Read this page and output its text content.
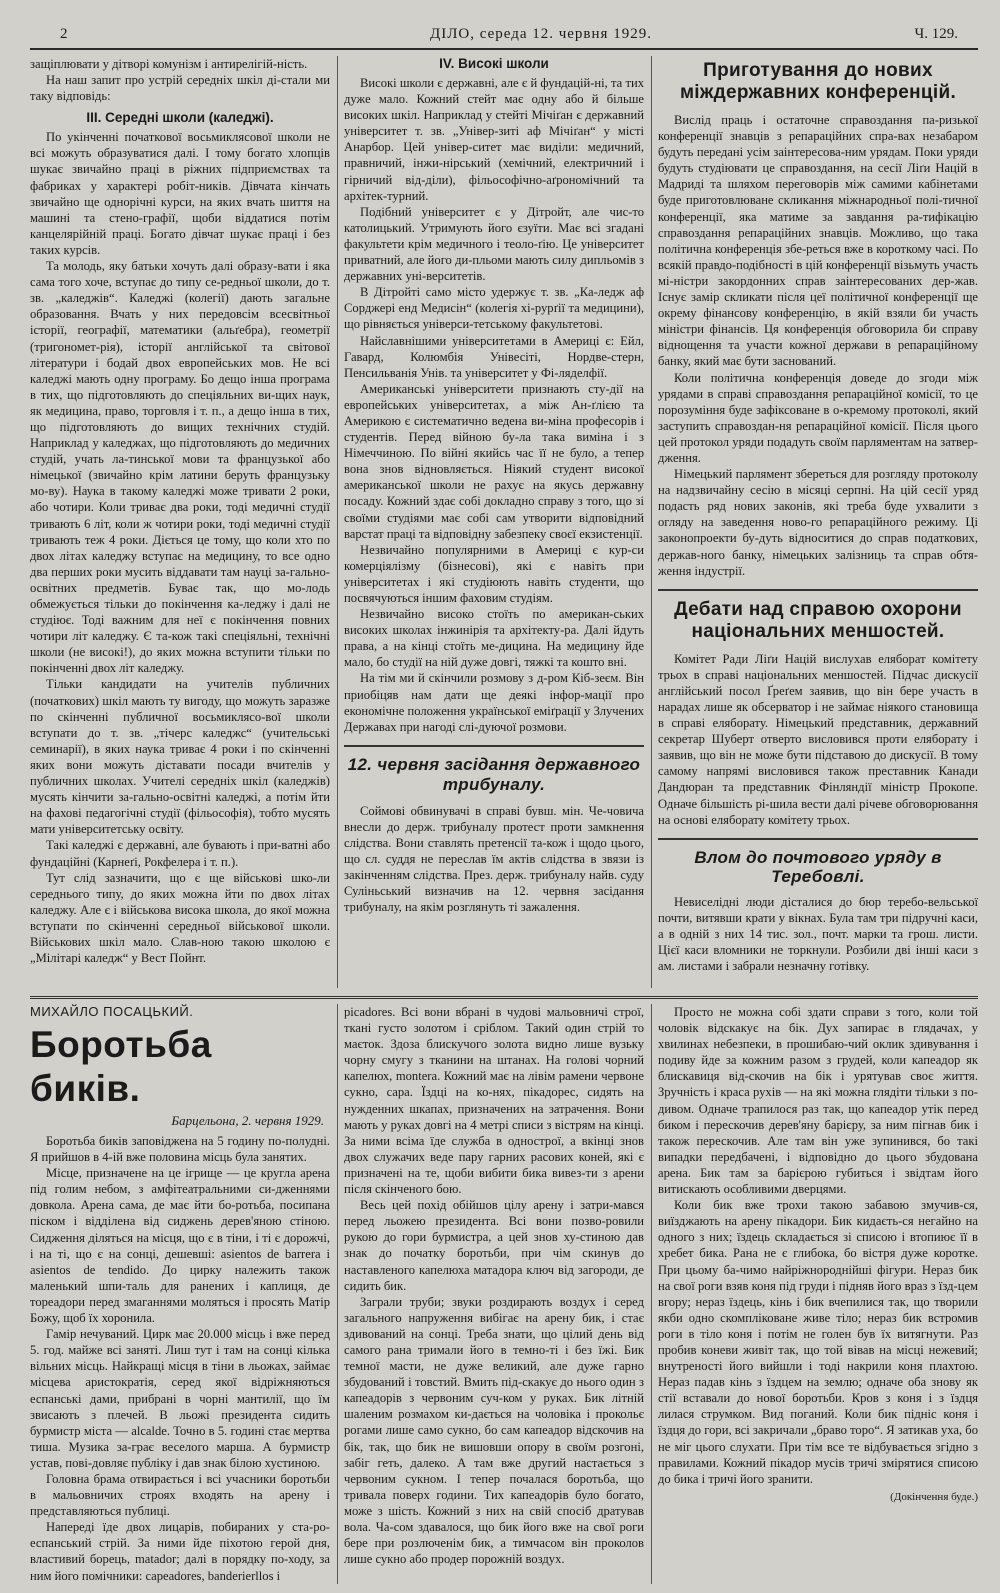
2	ДІЛО, середа 12. червня 1929.	Ч. 129.

защіплювати у дітворі комунізм і антирелігій-ність.

На наш запит про устрій середніх шкіл ді-стали ми таку відповідь:

III. Середні школи (каледжі).

По укінченні початкової восьмиклясової школи не всі можуть образуватися далі. І тому богато хлопців шукає звичайно праці в ріжних підприємствах та фабриках у характері робіт-ників. Дівчата кінчать звичайно ще однорічні курси, на яких вчать шиття на машині та стено-графії, щоби віддатися потім канцелярійній праці. Богато дівчат шукає праці і без таких курсів.

Та молодь, яку батьки хочуть далі образу-вати і яка сама того хоче, вступає до типу се-редньої школи, до т. зв. „каледжів“. Каледжі (колегії) дають загальне образовання. Вчать у них передовсім всесвітньої історії, географії, математики (альґебра), геометрії (тригономет-рія), історії англійської та світової літератури і бодай двох европейських мов. Не всі каледжі мають одну програму. Бо дещо інша програма в тих, що підготовляють до спеціяльних ви-щих наук, як медицина, право, торговля і т. п., а дещо інша в тих, що підготовляють до вищих технічних студій. Наприклад у каледжах, що підготовляють до медичних студій, учать ла-тинської мови та французької або німецької (звичайно крім латини беруть французьку мо-ву). Наука в такому каледжі може тривати 2 роки, або чотири. Коли триває два роки, тоді медичні студії тривають 6 літ, коли ж чотири роки, тоді медичні студії тривають теж 4 роки. Діється це тому, що коли хто по двох літах каледжу вступає на медицину, то все одно два перших роки мусить віддавати там науці за-гально-освітних предметів. Буває так, що мо-лодь обмежується тільки до покінчення ка-леджу і далі не студіює. Тоді важним для неї є покінчення повних чотири літ каледжу. Є та-кож такі спеціяльні, технічні школи (не високі!), до яких можна вступити тільки по покінченні двох літ каледжу.

Тільки кандидати на учителів публичних (початкових) шкіл мають ту вигоду, що можуть заразже по скінченні публичної восьмиклясо-вої школи вступати до т. зв. „тічерс каледжс“ (учительські семинарії), в яких наука триває 4 роки і по скінченні яких вони можуть діставати посади вчителів у публичних школах. Учителі середніх шкіл (каледжів) мусять кінчити за-гально-освітні каледжі, а потім йти на фахові педагогічні студії (фільософія), тобто мусять мати університетську освіту.

Такі каледжі є державні, але бувають і при-ватні або фундаційні (Карнеґі, Рокфелера і т. п.).

Тут слід зазначити, що є ще військові шко-ли середнього типу, до яких можна йти по двох літах каледжу. Але є і військова висока школа, до якої можна вступати по скінченні середньої військової школи. Військових шкіл мало. Слав-ною такою школою є „Мілітарі каледж“ у Вест Пойнт.

IV. Високі школи

Високі школи є державні, але є й фундацій-ні, та тих дуже мало. Кожний стейт має одну або й більше високих шкіл. Наприклад у стейті Мічіґан є державний університет т. зв. „Універ-зиті аф Мічіґан“ у місті Анарбор. Цей універ-ситет має виділи: медичний, правничий, інжи-нірський (хемічний, електричний і гірничий від-діли), фільософічно-аґрономічний та архітек-турний.

Подібний університет є у Дітройт, але чис-то католицький. Утримують його єзуїти. Має всі згадані факультети крім медичного і теоло-ґію. Це університет приватний, але його ди-пльоми мають силу дипльомів з державних уні-верситетів.

В Дітройті само місто удержує т. зв. „Ка-ледж аф Сорджері енд Медисін“ (колегія хі-рурґії та медицини), що рівняється універси-тетському факультетові.

Найславнішими університетами в Америці є: Ейл, Гавард, Колюмбія Унівесіті, Нордве-стерн, Пенсильванія Унів. та університет у Фі-ляделфії.

Американські університети признають сту-дії на европейських університетах, а між Ан-ґлією та Америкою є систематично ведена ви-міна професорів і студентів. Перед війною бу-ла така виміна і з Німеччиною. По війні якийсь час її не було, а тепер вона знов відновляється. Ніякий студент високої американської школи не рахує на якусь державну посаду. Кожний здає собі докладно справу з того, що зі своїми студіями має собі сам утворити відповідний варстат праці та відповідну забезпеку своєї екзистенції.

Незвичайно популярними в Америці є кур-си комерціялізму (бізнесові), які є навіть при університетах і які студіюють навіть студенти, що посвячуються іншим фаховим студіям.

Незвичайно високо стоїть по американ-ських високих школах інжинірія та архітекту-ра. Далі йдуть права, а на кінці стоїть ме-дицина. На медицину йде мало, бо студії на ній дуже довгі, тяжкі та кошто вні.

На тім ми й скінчили розмову з д-ром Кіб-зеєм. Він приобіцяв нам дати ще деякі інфор-мації про економічне положення української еміґрації у Злучених Державах при нагоді слі-дуючої розмови.

12. червня засідання державного трибуналу.

Соймові обвинувачі в справі бувш. мін. Че-човича внесли до держ. трибуналу протест проти замкнення слідства. Вони ставлять претенсії та-кож і щодо цього, що сл. суддя не переслав їм актів слідства в звязи із закінченням слідства. През. держ. трибуналу найв. суду Суліньський визначив на 12. червня засідання трибуналу, на якім розглянуть ті зажалення.

Приготування до нових міждержавних конференцій.

Вислід праць і остаточне справоздання па-ризької конференції знавців з репараційних спра-вах незабаром будуть передані усім заінтересова-ним урядам. Поки уряди будуть студіювати це справоздання, на сесії Ліґи Націй в Мадриді та шляхом переговорів між самими кабінетами буде приготовлюване скликання міжнародньої полі-тичної конференції, яка матиме за завдання ра-тифікацію справоздання репараційних знавців. Можливо, що така політична конференція збе-реться вже в короткому часі. По всякій правдо-подібності в цій конференції візьмуть участь мі-ністри закордонних справ заінтересованих дер-жав. Існує замір скликати після цеї політичної конференції ще окрему фінансову конференцію, в якій взяли би участь міністри фінансів. Ця конференція обговорила би справу віднощення та участи кожної держави в репараційному банку, який має бути заснований.

Коли політична конференція доведе до згоди між урядами в справі справоздання репараційної комісії, то це порозуміння буде зафіксоване в о-кремому протоколі, який заступить справоздан-ня репараційної комісії. Після цього цей протокол уряди подадуть своїм парляментам на затвер-дження.

Німецький парлямент збереться для розгляду протоколу на надзвичайну сесію в місяці серпні. На цій сесії уряд подасть ряд нових законів, які треба буде ухвалити з огляду на заведення ново-го репараційного режиму. Ці законопроекти бу-дуть відноситися до справ податкових, держав-ного банку, німецьких залізниць та справ обтя-ження індустрії.

Дебати над справою охорони національних меншостей.

Комітет Ради Ліґи Націй вислухав еляборат комітету трьох в справі національних меншостей. Підчас дискусії англійський посол Ґреґем заявив, що він бере участь в нарадах лише як обсерватор і не займає ніякого становища в справі еляборату. Німецький представник, державний секретар Шуберт отверто висловився проти еляборату і заявив, що він не може бути підставою до дискусії. В тому самому напрямі висловився також преставник Канади Дандюран та представник Фінляндії міністр Прокопе. Одначе більшість рі-шила вести далі річеве обговорювання на основі еляборату комітету трьох.

Влом до почтового уряду в Теребовлі.

Невиселідні люди дісталися до бюр теребо-вельської почти, витявши крати у вікнах. Була там три підручні каси, а в одній з них 14 тис. зол., почт. марки та грош. листи. Цієї каси вломники не торкнули. Розбили дві інші каси з ам. листами і забрали незначну готівку.

МИХАЙЛО ПОСАЦЬКИЙ.
Боротьба биків.
Барцельона, 2. червня 1929.

Боротьба биків заповіджена на 5 годину по-полудні. Я прийшов в 4-ій вже половина місць була занятих.

Місце, призначене на це ігрище — це кругла арена під голим небом, з амфітеатральними си-дженнями довкола. Арена сама, де має йти бо-ротьба, посипана піском і відділена від сиджень дерев'яною стіною. Сидження діляться на місця, що є в тіни, і ті є дорожчі, і на ті, що є на сонці, дешевші: asientos de barrera і asientos de tendido. До цирку належить також маленький шпи-таль для ранених і каплиця, де тореадори перед змаганнями моляться і просять Матір Божу, щоб їх хоронила.

Гамір нечуваний. Цирк має 20.000 місць і вже перед 5. год. майже всі заняті. Лиш тут і там на сонці кілька вільних місць. Найкращі місця в тіни в льожах, займає місцева аристократія, серед якої відріжняються еспанські дами, прибрані в чорні мантилії, що їм звисають з плечей. В льожі президента сидить бурмистр міста — alcalde. Точно в 5. годині стає мертва тиша. Музика за-грає веселого марша. А бурмистр устав, пові-довляє публіку і дав знак білою хустиною.

Головна брама отвирається і всі учасники боротьби в мальовничих строях входять на арену і представляються публиці.

Напереді їде двох лицарів, побираних у ста-ро-еспанський стрій. За ними йде піхотою герой дня, властивий борець, matador; далі в порядку по-ходу, за ним його помічники: capeadores, banderierllos і

picadores. Всі вони вбрані в чудові мальовничі строї, ткані густо золотом і сріблом. Такий один стрій то маєток. Здоза блискучого золота видно лише вузьку чорну смугу з тканини на штанах. На голові чорний капелюх, montera. Кожний має на лівім рамени червоне сукно, capa. Їздці на ко-нях, пікадорес, сидять на нужденних шкапах, призначених на затрачення. Вони мають у руках довгі на 4 метрі списи з вістрям на кінці. За ними всіма їде служба в однострої, а вкінці знов двох служачих веде пару гарних расових коней, які є призначені на те, щоби вибити бика вивез-ти з арени після скінченого бою.

Весь цей похід обійшов цілу арену і затри-мався перед льожею президента. Всі вони позво-ровили рукою до гори бурмистра, а цей знов ху-стиною дав знак до початку боротьби, при чім скинув до наставленого капелюха матадора ключ від загороди, де сидить бик.

Заграли труби; звуки роздирають воздух і серед загального напруження вибігає на арену бик, і стає здивований на сонці. Треба знати, що цілий день від самого рана тримали його в темно-ті і без їжі. Бик темної масти, не дуже великий, але дуже гарно збудований і товстий. Вмить під-скакує до нього один з капеадорів з червоним суч-ком у руках. Бик літній шаленим розмахом ки-дається на чоловіка і прокольє рогами лише само сукно, бо сам капеадор відскочив на бік, так, що бик не вишовши опору в своїм розгоні, забіг геть, далеко. А там вже другий настається з червоним сукном. І тепер почалася боротьба, що тривала поверх години. Тих капеадорів було богато, може з шість. Кожний з них на свій спосіб дратував вола. Ча-сом здавалося, що бик його вже на свої роги бере при розлюченім бик, а тимчасом він проколов лише сукно або продер порожній воздух.

Просто не можна собі здати справи з того, коли той чоловік відскакує на бік. Дух запирає в глядачах, у хвилинах небезпеки, в прошибаю-чий оклик здивування і подиву йде за кожним разом з грудей, коли капеадор як блискавиця від-скочив на бік і урятував своє життя. Зручність і краса рухів — на які можна глядіти тільки з по-дивом. Одначе трапилося раз так, що капеадор утік перед биком і перескочив дерев'яну барієру, за ним пігнав бик і також перескочив. Але там він уже зупинився, бо такі випадки передбачені, і відповідно до цього збудована арена. Бик там за барієрою губиться і звідтам його витискають особливими дверцями.

Коли бик вже трохи такою забавою змучив-ся, виїзджають на арену пікадори. Бик кидаєть-ся негайно на одного з них; їздець складається зі списою і втопиює її в хребет бика. Рана не є глибока, бо вістря дуже коротке. При цьому ба-чимо найріжнороднійші фігури. Нераз бик на свої роги взяв коня під груди і підняв його враз з їзд-цем вгору; нераз їздець, кінь і бик вчепилися так, що творили якби одно скомпліковане живе тіло; нераз бик встромив роги в тіло коня і потім не голен був їх витягнути. Раз пробив коневи живіт так, що той вівав на місці нежевий; внутреності його вийшли і тоді накрили коня плахтою. Нераз падав кінь з їздцем на землю; одначе оба знову як стії вставали до нової боротьби. Кров з коня і з їздця лилася струмком. Вид поганий. Коли бик підніс коня і їздця до гори, всі закричали „браво торо“. Я затикав уха, бо не міг цього слухати. При тім все те відбувається згідно з правилами. Кожний пікадор мусів тричі змірятися списою до бика і тричі його зранити.

(Докінчення буде.)
